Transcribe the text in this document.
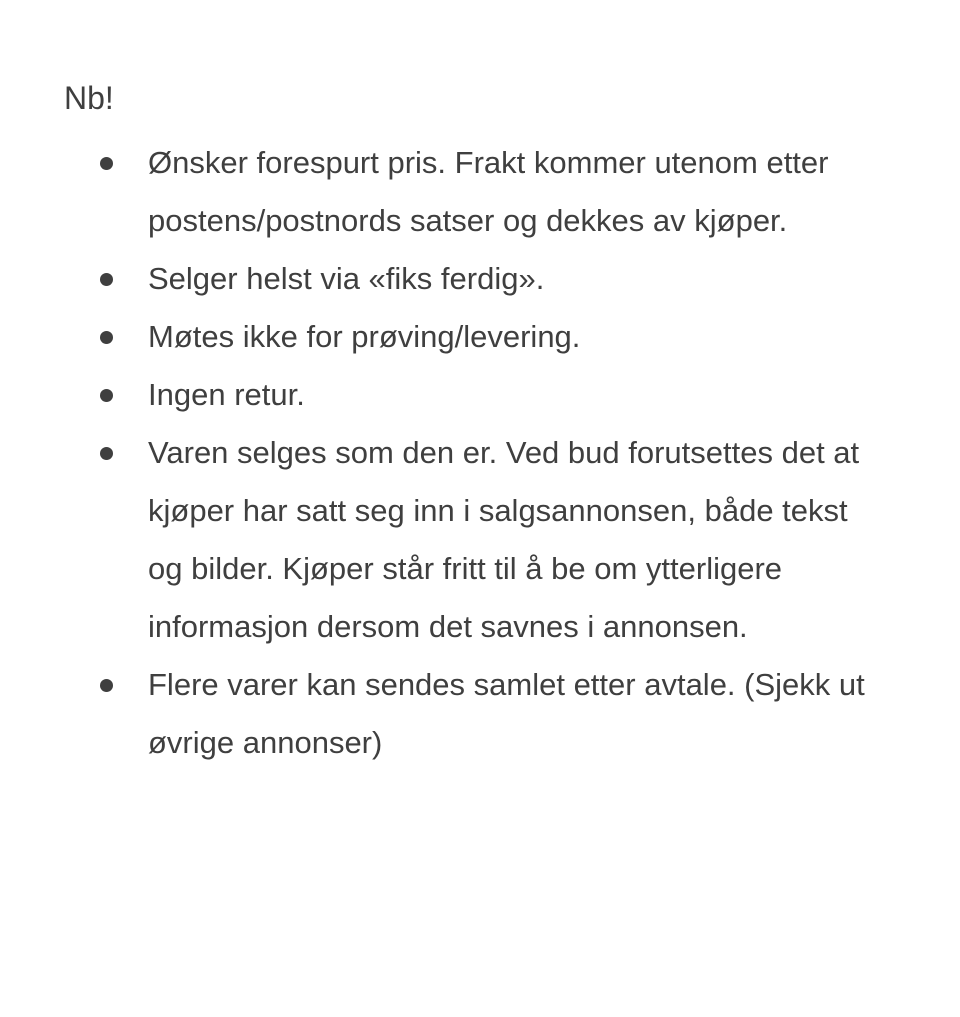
Nb!
Ønsker forespurt pris. Frakt kommer utenom etter postens/postnords satser og dekkes av kjøper.
Selger helst via «fiks ferdig».
Møtes ikke for prøving/levering.
Ingen retur.
Varen selges som den er. Ved bud forutsettes det at kjøper har satt seg inn i salgsannonsen, både tekst og bilder. Kjøper står fritt til å be om ytterligere informasjon dersom det savnes i annonsen.
Flere varer kan sendes samlet etter avtale. (Sjekk ut øvrige annonser)
